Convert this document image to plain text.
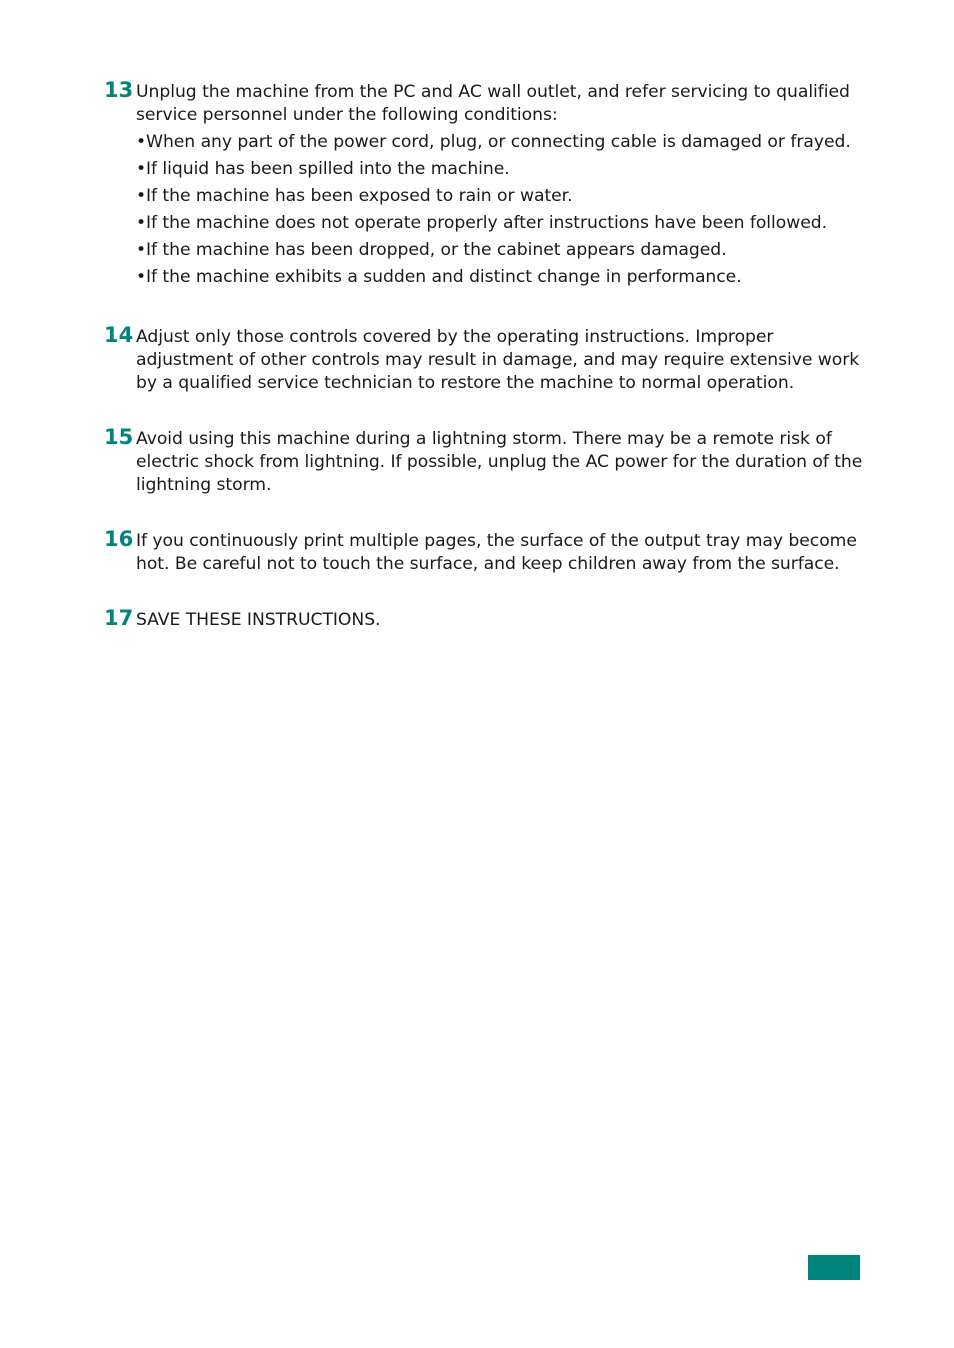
13 Unplug the machine from the PC and AC wall outlet, and refer servicing to qualified service personnel under the following conditions:

• When any part of the power cord, plug, or connecting cable is damaged or frayed.
• If liquid has been spilled into the machine.
• If the machine has been exposed to rain or water.
• If the machine does not operate properly after instructions have been followed.
• If the machine has been dropped, or the cabinet appears damaged.
• If the machine exhibits a sudden and distinct change in performance.
14 Adjust only those controls covered by the operating instructions. Improper adjustment of other controls may result in damage, and may require extensive work by a qualified service technician to restore the machine to normal operation.

15 Avoid using this machine during a lightning storm. There may be a remote risk of electric shock from lightning. If possible, unplug the AC power for the duration of the lightning storm.

16 If you continuously print multiple pages, the surface of the output tray may become hot. Be careful not to touch the surface, and keep children away from the surface.

17 SAVE THESE INSTRUCTIONS.
